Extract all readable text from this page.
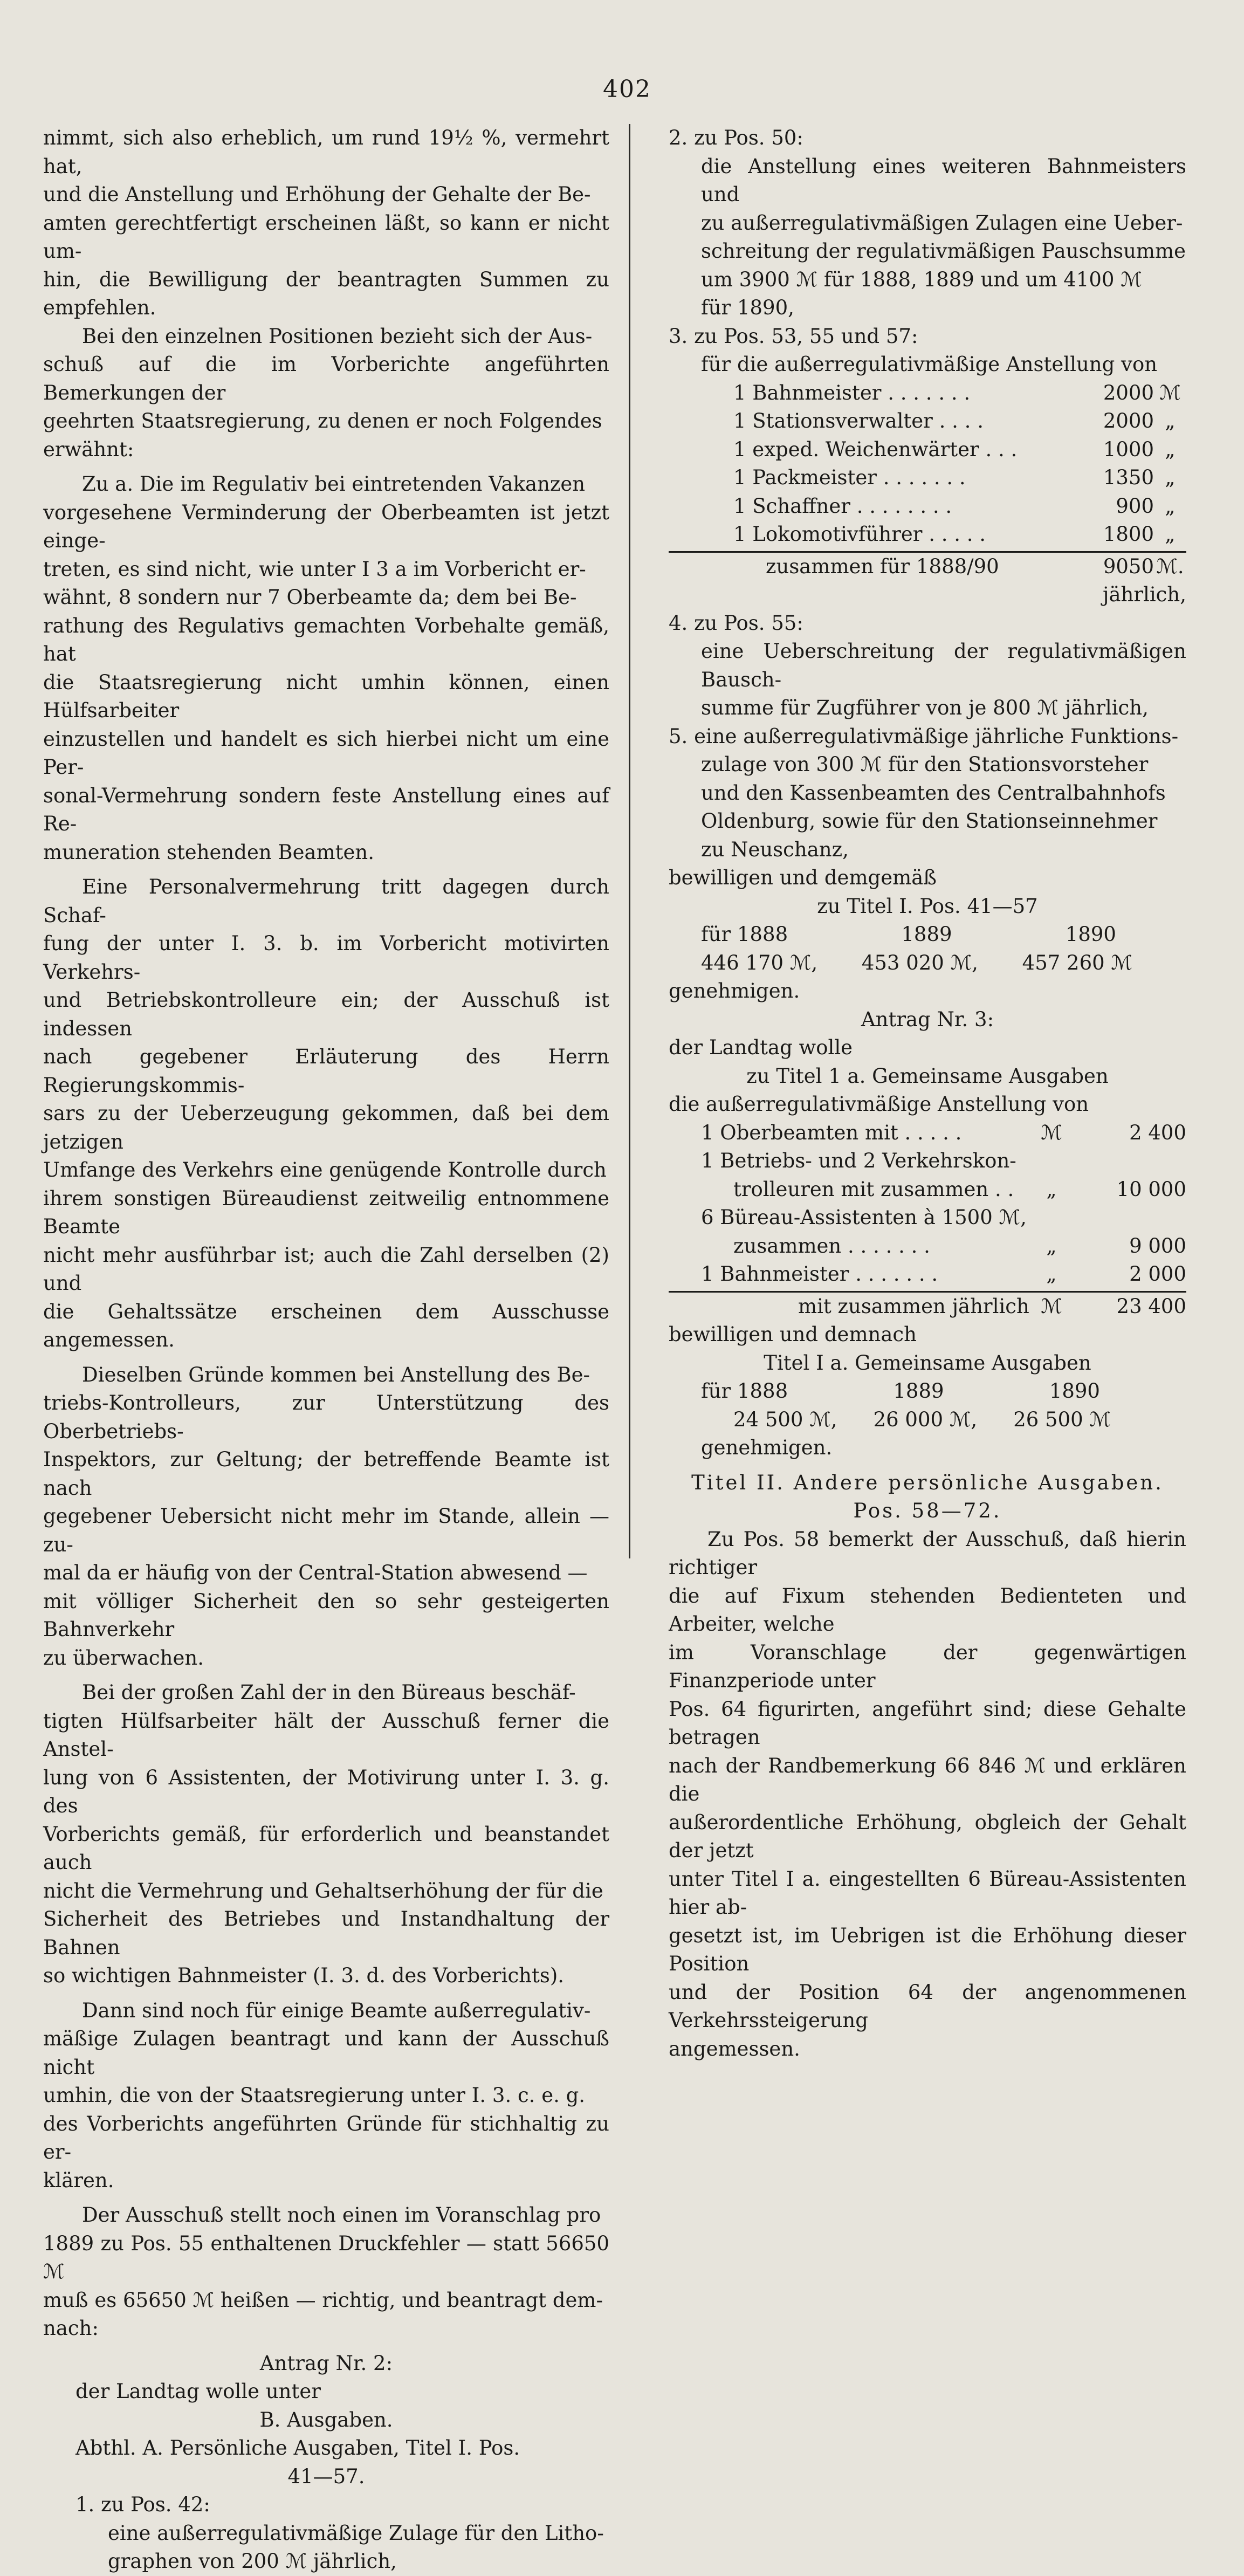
402

nimmt, sich also erheblich, um rund 19½ %, vermehrt hat,

und die Anstellung und Erhöhung der Gehalte der Be-

amten gerechtfertigt erscheinen läßt, so kann er nicht um-

hin, die Bewilligung der beantragten Summen zu empfehlen.

Bei den einzelnen Positionen bezieht sich der Aus-

schuß auf die im Vorberichte angeführten Bemerkungen der

geehrten Staatsregierung, zu denen er noch Folgendes

erwähnt:

Zu a. Die im Regulativ bei eintretenden Vakanzen

vorgesehene Verminderung der Oberbeamten ist jetzt einge-

treten, es sind nicht, wie unter I 3 a im Vorbericht er-

wähnt, 8 sondern nur 7 Oberbeamte da; dem bei Be-

rathung des Regulativs gemachten Vorbehalte gemäß, hat

die Staatsregierung nicht umhin können, einen Hülfsarbeiter

einzustellen und handelt es sich hierbei nicht um eine Per-

sonal-Vermehrung sondern feste Anstellung eines auf Re-

muneration stehenden Beamten.

Eine Personalvermehrung tritt dagegen durch Schaf-

fung der unter I. 3. b. im Vorbericht motivirten Verkehrs-

und Betriebskontrolleure ein; der Ausschuß ist indessen

nach gegebener Erläuterung des Herrn Regierungskommis-

sars zu der Ueberzeugung gekommen, daß bei dem jetzigen

Umfange des Verkehrs eine genügende Kontrolle durch

ihrem sonstigen Büreaudienst zeitweilig entnommene Beamte

nicht mehr ausführbar ist; auch die Zahl derselben (2) und

die Gehaltssätze erscheinen dem Ausschusse angemessen.

Dieselben Gründe kommen bei Anstellung des Be-

triebs-Kontrolleurs, zur Unterstützung des Oberbetriebs-

Inspektors, zur Geltung; der betreffende Beamte ist nach

gegebener Uebersicht nicht mehr im Stande, allein — zu-

mal da er häufig von der Central-Station abwesend —

mit völliger Sicherheit den so sehr gesteigerten Bahnverkehr

zu überwachen.

Bei der großen Zahl der in den Büreaus beschäf-

tigten Hülfsarbeiter hält der Ausschuß ferner die Anstel-

lung von 6 Assistenten, der Motivirung unter I. 3. g. des

Vorberichts gemäß, für erforderlich und beanstandet auch

nicht die Vermehrung und Gehaltserhöhung der für die

Sicherheit des Betriebes und Instandhaltung der Bahnen

so wichtigen Bahnmeister (I. 3. d. des Vorberichts).

Dann sind noch für einige Beamte außerregulativ-

mäßige Zulagen beantragt und kann der Ausschuß nicht

umhin, die von der Staatsregierung unter I. 3. c. e. g.

des Vorberichts angeführten Gründe für stichhaltig zu er-

klären.

Der Ausschuß stellt noch einen im Voranschlag pro

1889 zu Pos. 55 enthaltenen Druckfehler — statt 56650 ℳ

muß es 65650 ℳ heißen — richtig, und beantragt dem-

nach:

Antrag Nr. 2:

der Landtag wolle unter

B. Ausgaben.

Abthl. A. Persönliche Ausgaben, Titel I. Pos.

41—57.

1. zu Pos. 42:

eine außerregulativmäßige Zulage für den Litho-

graphen von 200 ℳ jährlich,

2. zu Pos. 50:

die Anstellung eines weiteren Bahnmeisters und

zu außerregulativmäßigen Zulagen eine Ueber-

schreitung der regulativmäßigen Pauschsumme

um 3900 ℳ für 1888, 1889 und um 4100 ℳ

für 1890,

3. zu Pos. 53, 55 und 57:

für die außerregulativmäßige Anstellung von

1 Bahnmeister . . . . . . .	2000 ℳ
1 Stationsverwalter . . . .	2000 „
1 exped. Weichenwärter . . .	1000 „
1 Packmeister . . . . . . .	1350 „
1 Schaffner . . . . . . . .	900 „
1 Lokomotivführer . . . . .	1800 „
zusammen für 1888/90	9050 ℳ.

jährlich,

4. zu Pos. 55:

eine Ueberschreitung der regulativmäßigen Bausch-

summe für Zugführer von je 800 ℳ jährlich,

5. eine außerregulativmäßige jährliche Funktions-

zulage von 300 ℳ für den Stationsvorsteher

und den Kassenbeamten des Centralbahnhofs

Oldenburg, sowie für den Stationseinnehmer

zu Neuschanz,

bewilligen und demgemäß

zu Titel I. Pos. 41—57

für 1888	1889	1890
446 170 ℳ, 453 020 ℳ, 457 260 ℳ

genehmigen.

Antrag Nr. 3:

der Landtag wolle

zu Titel 1 a. Gemeinsame Ausgaben

die außerregulativmäßige Anstellung von

1 Oberbeamten mit . . . . .	ℳ	2 400
1 Betriebs- und 2 Verkehrskon-
trolleuren mit zusammen . .	„	10 000
6 Büreau-Assistenten à 1500 ℳ,
zusammen . . . . . . .	„	9 000
1 Bahnmeister . . . . . . .	„	2 000
mit zusammen jährlich ℳ	23 400

bewilligen und demnach

Titel I a. Gemeinsame Ausgaben

für 1888	1889	1890
24 500 ℳ, 26 000 ℳ, 26 500 ℳ

genehmigen.

Titel II. Andere persönliche Ausgaben.

Pos. 58—72.

Zu Pos. 58 bemerkt der Ausschuß, daß hierin richtiger

die auf Fixum stehenden Bedienteten und Arbeiter, welche

im Voranschlage der gegenwärtigen Finanzperiode unter

Pos. 64 figurirten, angeführt sind; diese Gehalte betragen

nach der Randbemerkung 66 846 ℳ und erklären die

außerordentliche Erhöhung, obgleich der Gehalt der jetzt

unter Titel I a. eingestellten 6 Büreau-Assistenten hier ab-

gesetzt ist, im Uebrigen ist die Erhöhung dieser Position

und der Position 64 der angenommenen Verkehrssteigerung

angemessen.
